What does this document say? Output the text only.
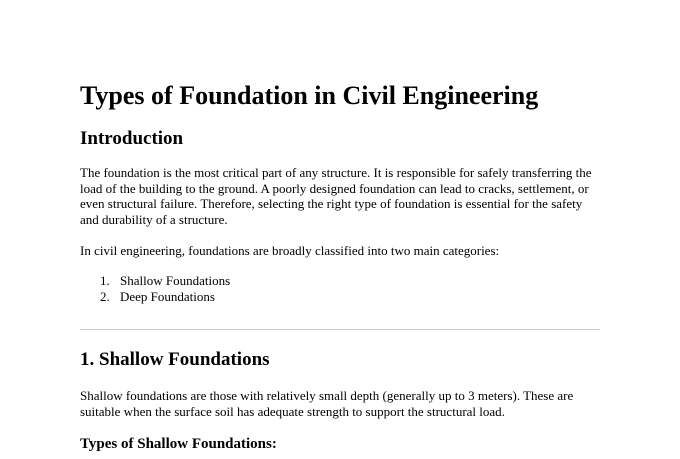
Types of Foundation in Civil Engineering
Introduction

The foundation is the most critical part of any structure. It is responsible for safely transferring the load of the building to the ground. A poorly designed foundation can lead to cracks, settlement, or even structural failure. Therefore, selecting the right type of foundation is essential for the safety and durability of a structure.

In civil engineering, foundations are broadly classified into two main categories:

1. Shallow Foundations
2. Deep Foundations
1. Shallow Foundations

Shallow foundations are those with relatively small depth (generally up to 3 meters). These are suitable when the surface soil has adequate strength to support the structural load.

Types of Shallow Foundations:
